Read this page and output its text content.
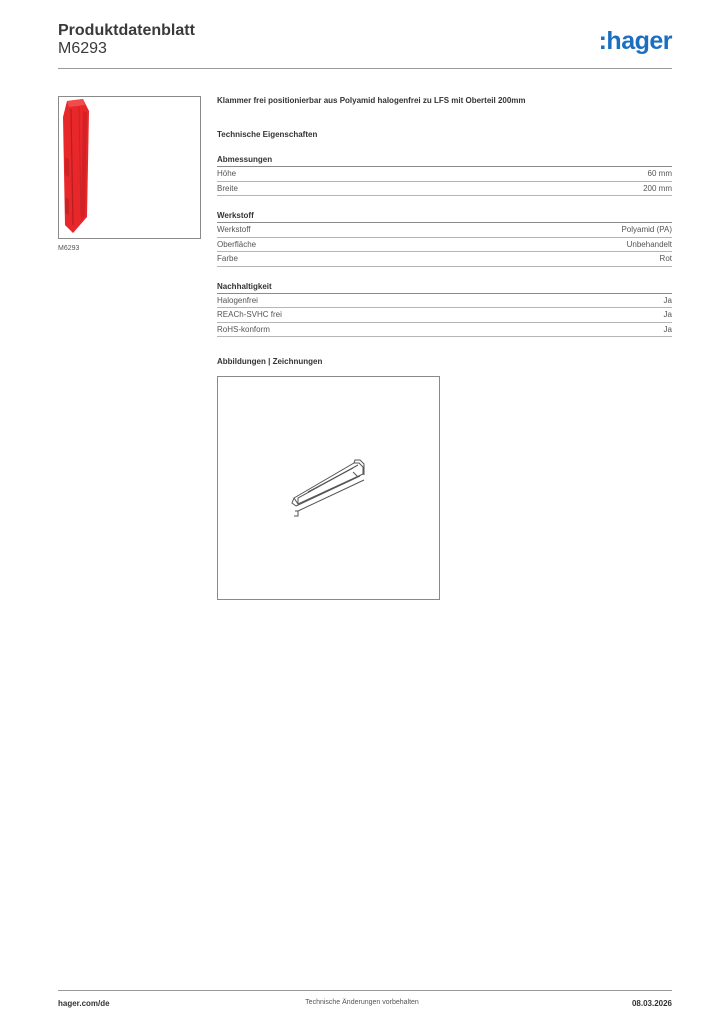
Produktdatenblatt
M6293	:hager
M6293
Klammer frei positionierbar aus Polyamid halogenfrei zu LFS mit Oberteil 200mm
Technische Eigenschaften
Abmessungen
Höhe	60 mm
Breite	200 mm
Werkstoff
Werkstoff	Polyamid (PA)
Oberfläche	Unbehandelt
Farbe	Rot
Nachhaltigkeit
Halogenfrei	Ja
REACh-SVHC frei	Ja
RoHS-konform	Ja
Abbildungen | Zeichnungen
hager.com/de	Technische Änderungen vorbehalten	08.03.2026
